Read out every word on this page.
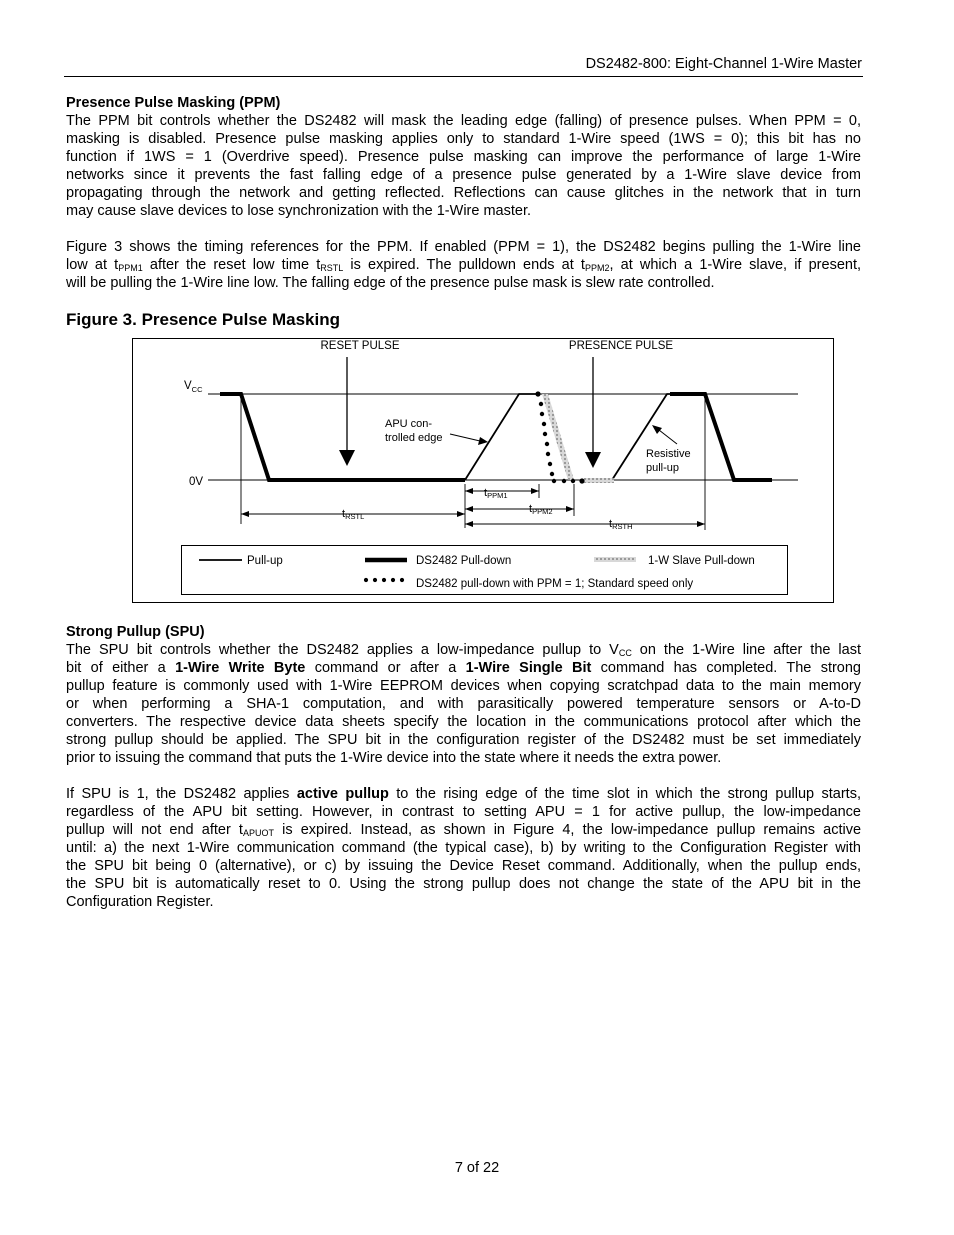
DS2482-800: Eight-Channel 1-Wire Master
Presence Pulse Masking (PPM)
The PPM bit controls whether the DS2482 will mask the leading edge (falling) of presence pulses. When PPM = 0,
masking is disabled. Presence pulse masking applies only to standard 1-Wire speed (1WS = 0); this bit has no
function if 1WS = 1 (Overdrive speed). Presence pulse masking can improve the performance of large 1-Wire
networks since it prevents the fast falling edge of a presence pulse generated by a 1-Wire slave device from
propagating through the network and getting reflected. Reflections can cause glitches in the network that in turn
may cause slave devices to lose synchronization with the 1-Wire master.
Figure 3 shows the timing references for the PPM. If enabled (PPM = 1), the DS2482 begins pulling the 1-Wire line
low at $t_{PPM1}$ after the reset low time $t_{RSTL}$ is expired. The pulldown ends at $t_{PPM2}$, at which a 1-Wire slave, if present,
will be pulling the 1-Wire line low. The falling edge of the presence pulse mask is slew rate controlled.
Figure 3. Presence Pulse Masking
RESET PULSE	PRESENCE PULSE
$V_{CC}$
0V
APU con-
trolled edge
Resistive
pull-up
tPPM1
tPPM2
tRSTL
tRSTH
Pull-up	DS2482 Pull-down	1-W Slave Pull-down
DS2482 pull-down with PPM = 1; Standard speed only
Strong Pullup (SPU)
The SPU bit controls whether the DS2482 applies a low-impedance pullup to $V_{CC}$ on the 1-Wire line after the last
bit of either a 1-Wire Write Byte command or after a 1-Wire Single Bit command has completed. The strong
pullup feature is commonly used with 1-Wire EEPROM devices when copying scratchpad data to the main memory
or when performing a SHA-1 computation, and with parasitically powered temperature sensors or A-to-D
converters. The respective device data sheets specify the location in the communications protocol after which the
strong pullup should be applied. The SPU bit in the configuration register of the DS2482 must be set immediately
prior to issuing the command that puts the 1-Wire device into the state where it needs the extra power.
If SPU is 1, the DS2482 applies active pullup to the rising edge of the time slot in which the strong pullup starts,
regardless of the APU bit setting. However, in contrast to setting APU = 1 for active pullup, the low-impedance
pullup will not end after $t_{APUOT}$ is expired. Instead, as shown in Figure 4, the low-impedance pullup remains active
until: a) the next 1-Wire communication command (the typical case), b) by writing to the Configuration Register with
the SPU bit being 0 (alternative), or c) by issuing the Device Reset command. Additionally, when the pullup ends,
the SPU bit is automatically reset to 0. Using the strong pullup does not change the state of the APU bit in the
Configuration Register.
7 of 22
